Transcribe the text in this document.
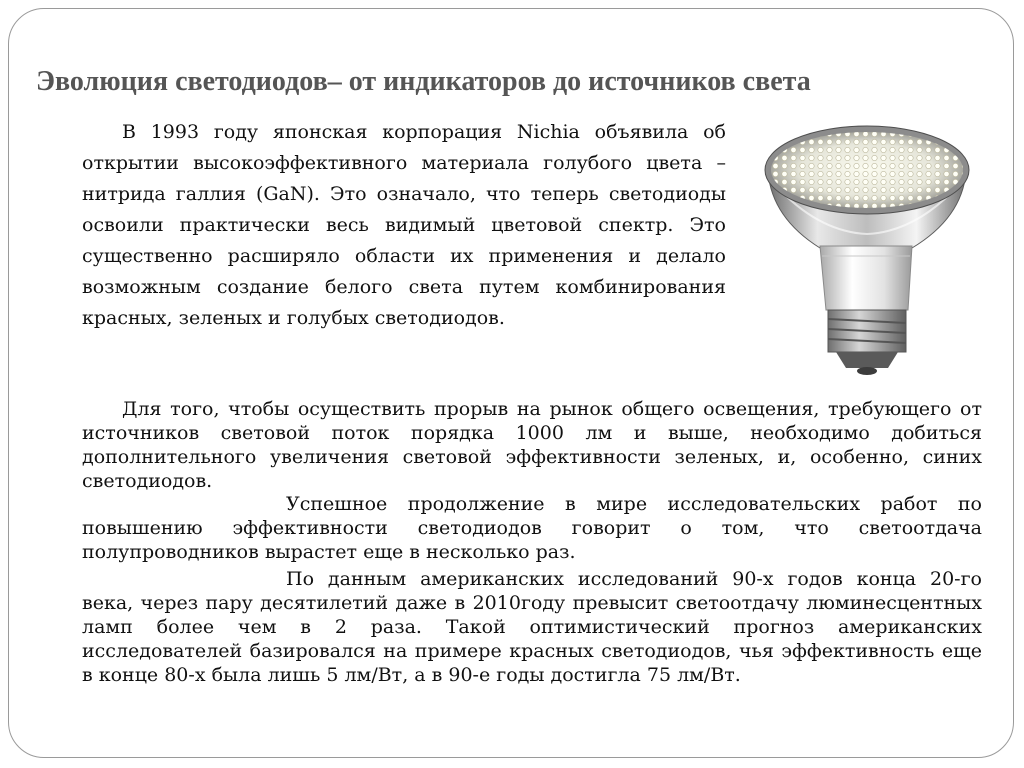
Эволюция светодиодов– от индикаторов до источников света

В 1993 году японская корпорация Nichia объявила об открытии высокоэффективного материала голубого цвета – нитрида галлия (GaN). Это означало, что теперь светодиоды освоили практически весь видимый цветовой спектр. Это существенно расширяло области их применения и делало возможным создание белого света путем комбинирования красных, зеленых и голубых светодиодов.

Для того, чтобы осуществить прорыв на рынок общего освещения, требующего от источников световой поток порядка 1000 лм и выше, необходимо добиться дополнительного увеличения световой эффективности зеленых, и, особенно, синих светодиодов.

Успешное продолжение в мире исследовательских работ по повышению эффективности светодиодов говорит о том, что светоотдача полупроводников вырастет еще в несколько раз.

По данным американских исследований 90-х годов конца 20-го века, через пару десятилетий даже в 2010году превысит светоотдачу люминесцентных ламп более чем в 2 раза. Такой оптимистический прогноз американских исследователей базировался на примере красных светодиодов, чья эффективность еще в конце 80-х была лишь 5 лм/Вт, а в 90-е годы достигла 75 лм/Вт.
